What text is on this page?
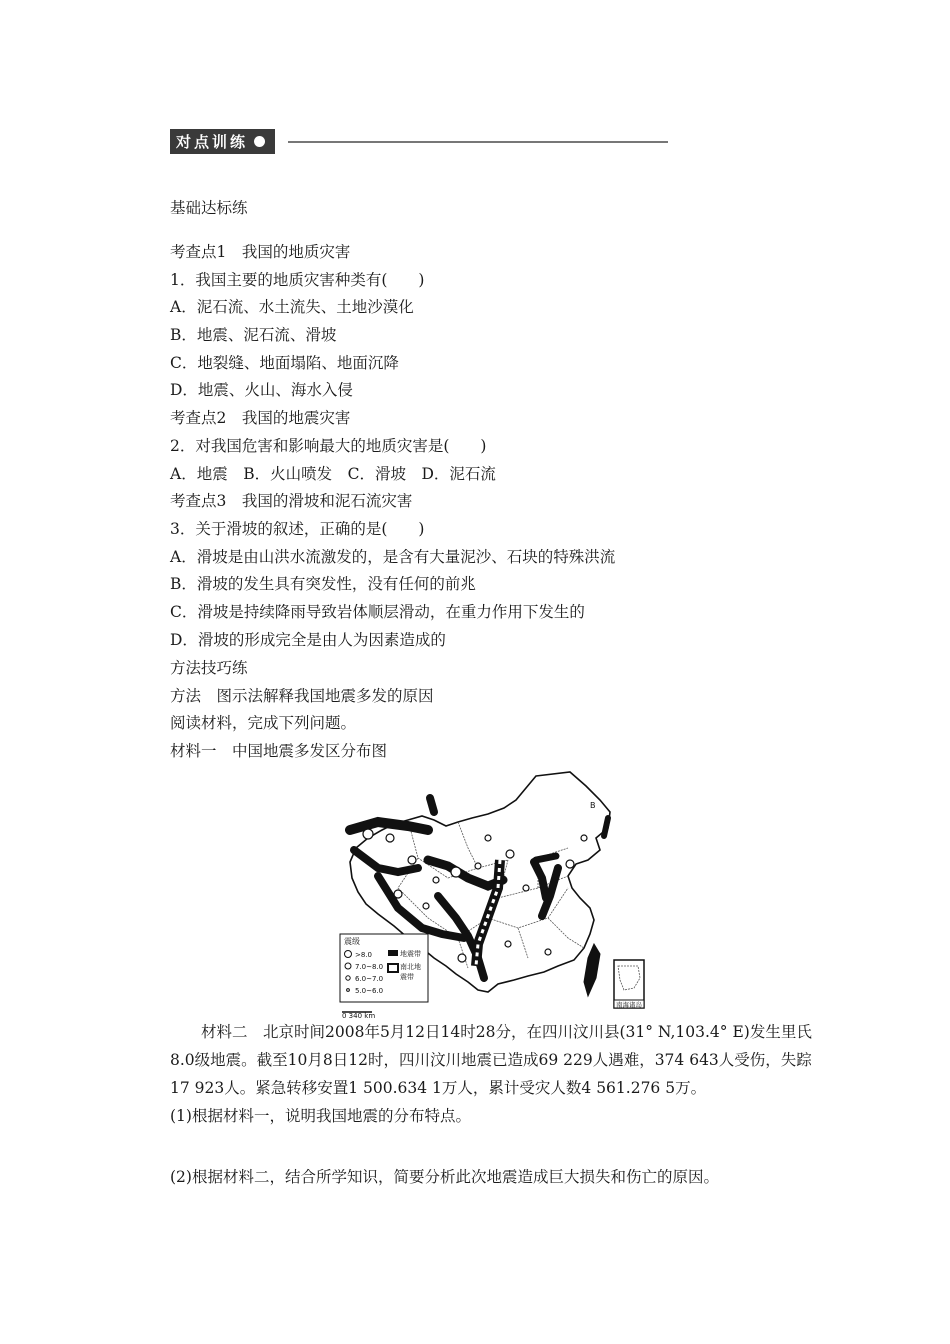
对点训练
基础达标练
考查点1　我国的地质灾害
1．我国主要的地质灾害种类有(　　)
A．泥石流、水土流失、土地沙漠化
B．地震、泥石流、滑坡
C．地裂缝、地面塌陷、地面沉降
D．地震、火山、海水入侵
考查点2　我国的地震灾害
2．对我国危害和影响最大的地质灾害是(　　)
A．地震　B．火山喷发　C．滑坡　D．泥石流
考查点3　我国的滑坡和泥石流灾害
3．关于滑坡的叙述，正确的是(　　)
A．滑坡是由山洪水流激发的，是含有大量泥沙、石块的特殊洪流
B．滑坡的发生具有突发性，没有任何的前兆
C．滑坡是持续降雨导致岩体顺层滑动，在重力作用下发生的
D．滑坡的形成完全是由人为因素造成的
方法技巧练
方法　图示法解释我国地震多发的原因
阅读材料，完成下列问题。
材料一　中国地震多发区分布图
B
震级
>8.0
7.0~8.0
6.0~7.0
5.0~6.0
地震带
南北地
震带
0 340 km
南海诸岛

材料二　北京时间2008年5月12日14时28分，在四川汶川县(31° N,103.4° E)发生里氏8.0级地震。截至10月8日12时，四川汶川地震已造成69 229人遇难，374 643人受伤，失踪17 923人。紧急转移安置1 500.634 1万人，累计受灾人数4 561.276 5万。

(1)根据材料一，说明我国地震的分布特点。
(2)根据材料二，结合所学知识，简要分析此次地震造成巨大损失和伤亡的原因。
